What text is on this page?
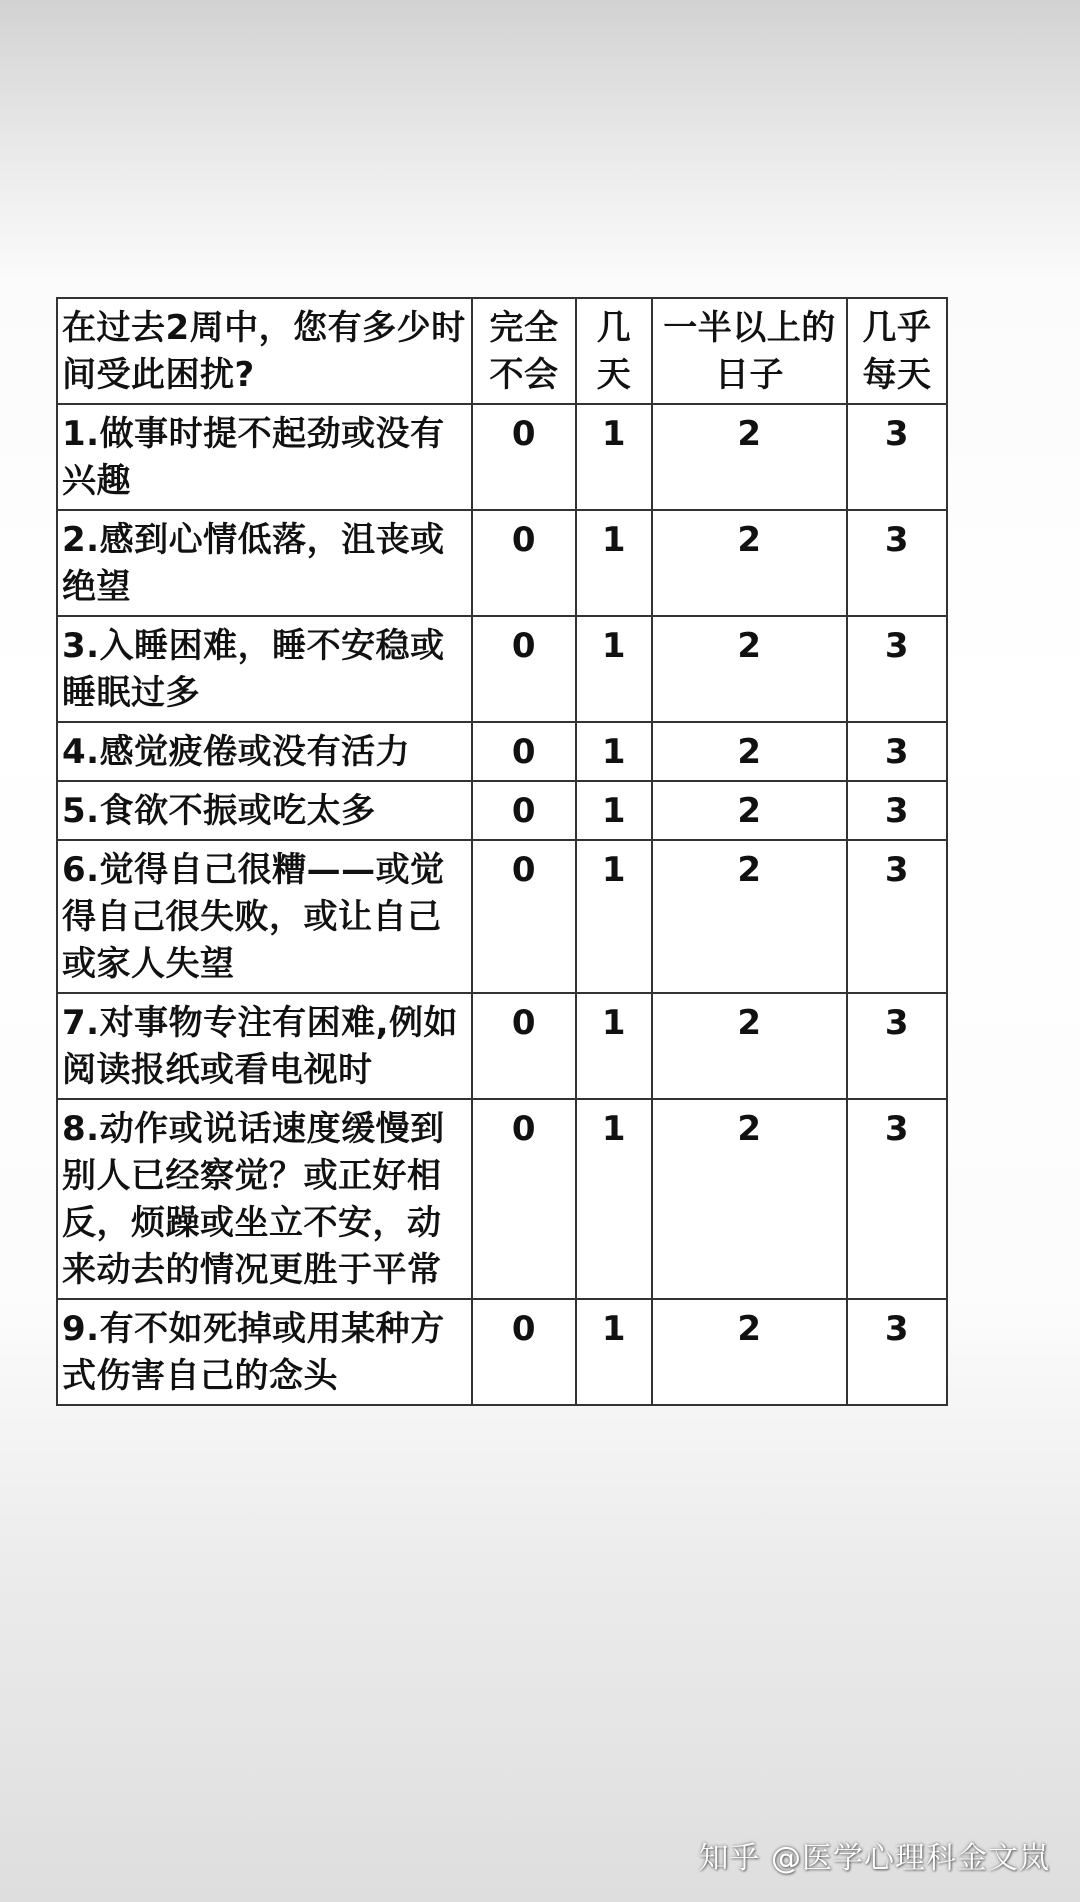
在过去2周中，您有多少时间受此困扰?	完全不会	几天	一半以上的日子	几乎每天
1.做事时提不起劲或没有兴趣	0	1	2	3
2.感到心情低落，沮丧或绝望	0	1	2	3
3.入睡困难，睡不安稳或睡眠过多	0	1	2	3
4.感觉疲倦或没有活力	0	1	2	3
5.食欲不振或吃太多	0	1	2	3
6.觉得自己很糟——或觉得自己很失败，或让自己或家人失望	0	1	2	3
7.对事物专注有困难,例如阅读报纸或看电视时	0	1	2	3
8.动作或说话速度缓慢到别人已经察觉？或正好相反，烦躁或坐立不安，动来动去的情况更胜于平常	0	1	2	3
9.有不如死掉或用某种方式伤害自己的念头	0	1	2	3
知乎 @医学心理科金文岚
